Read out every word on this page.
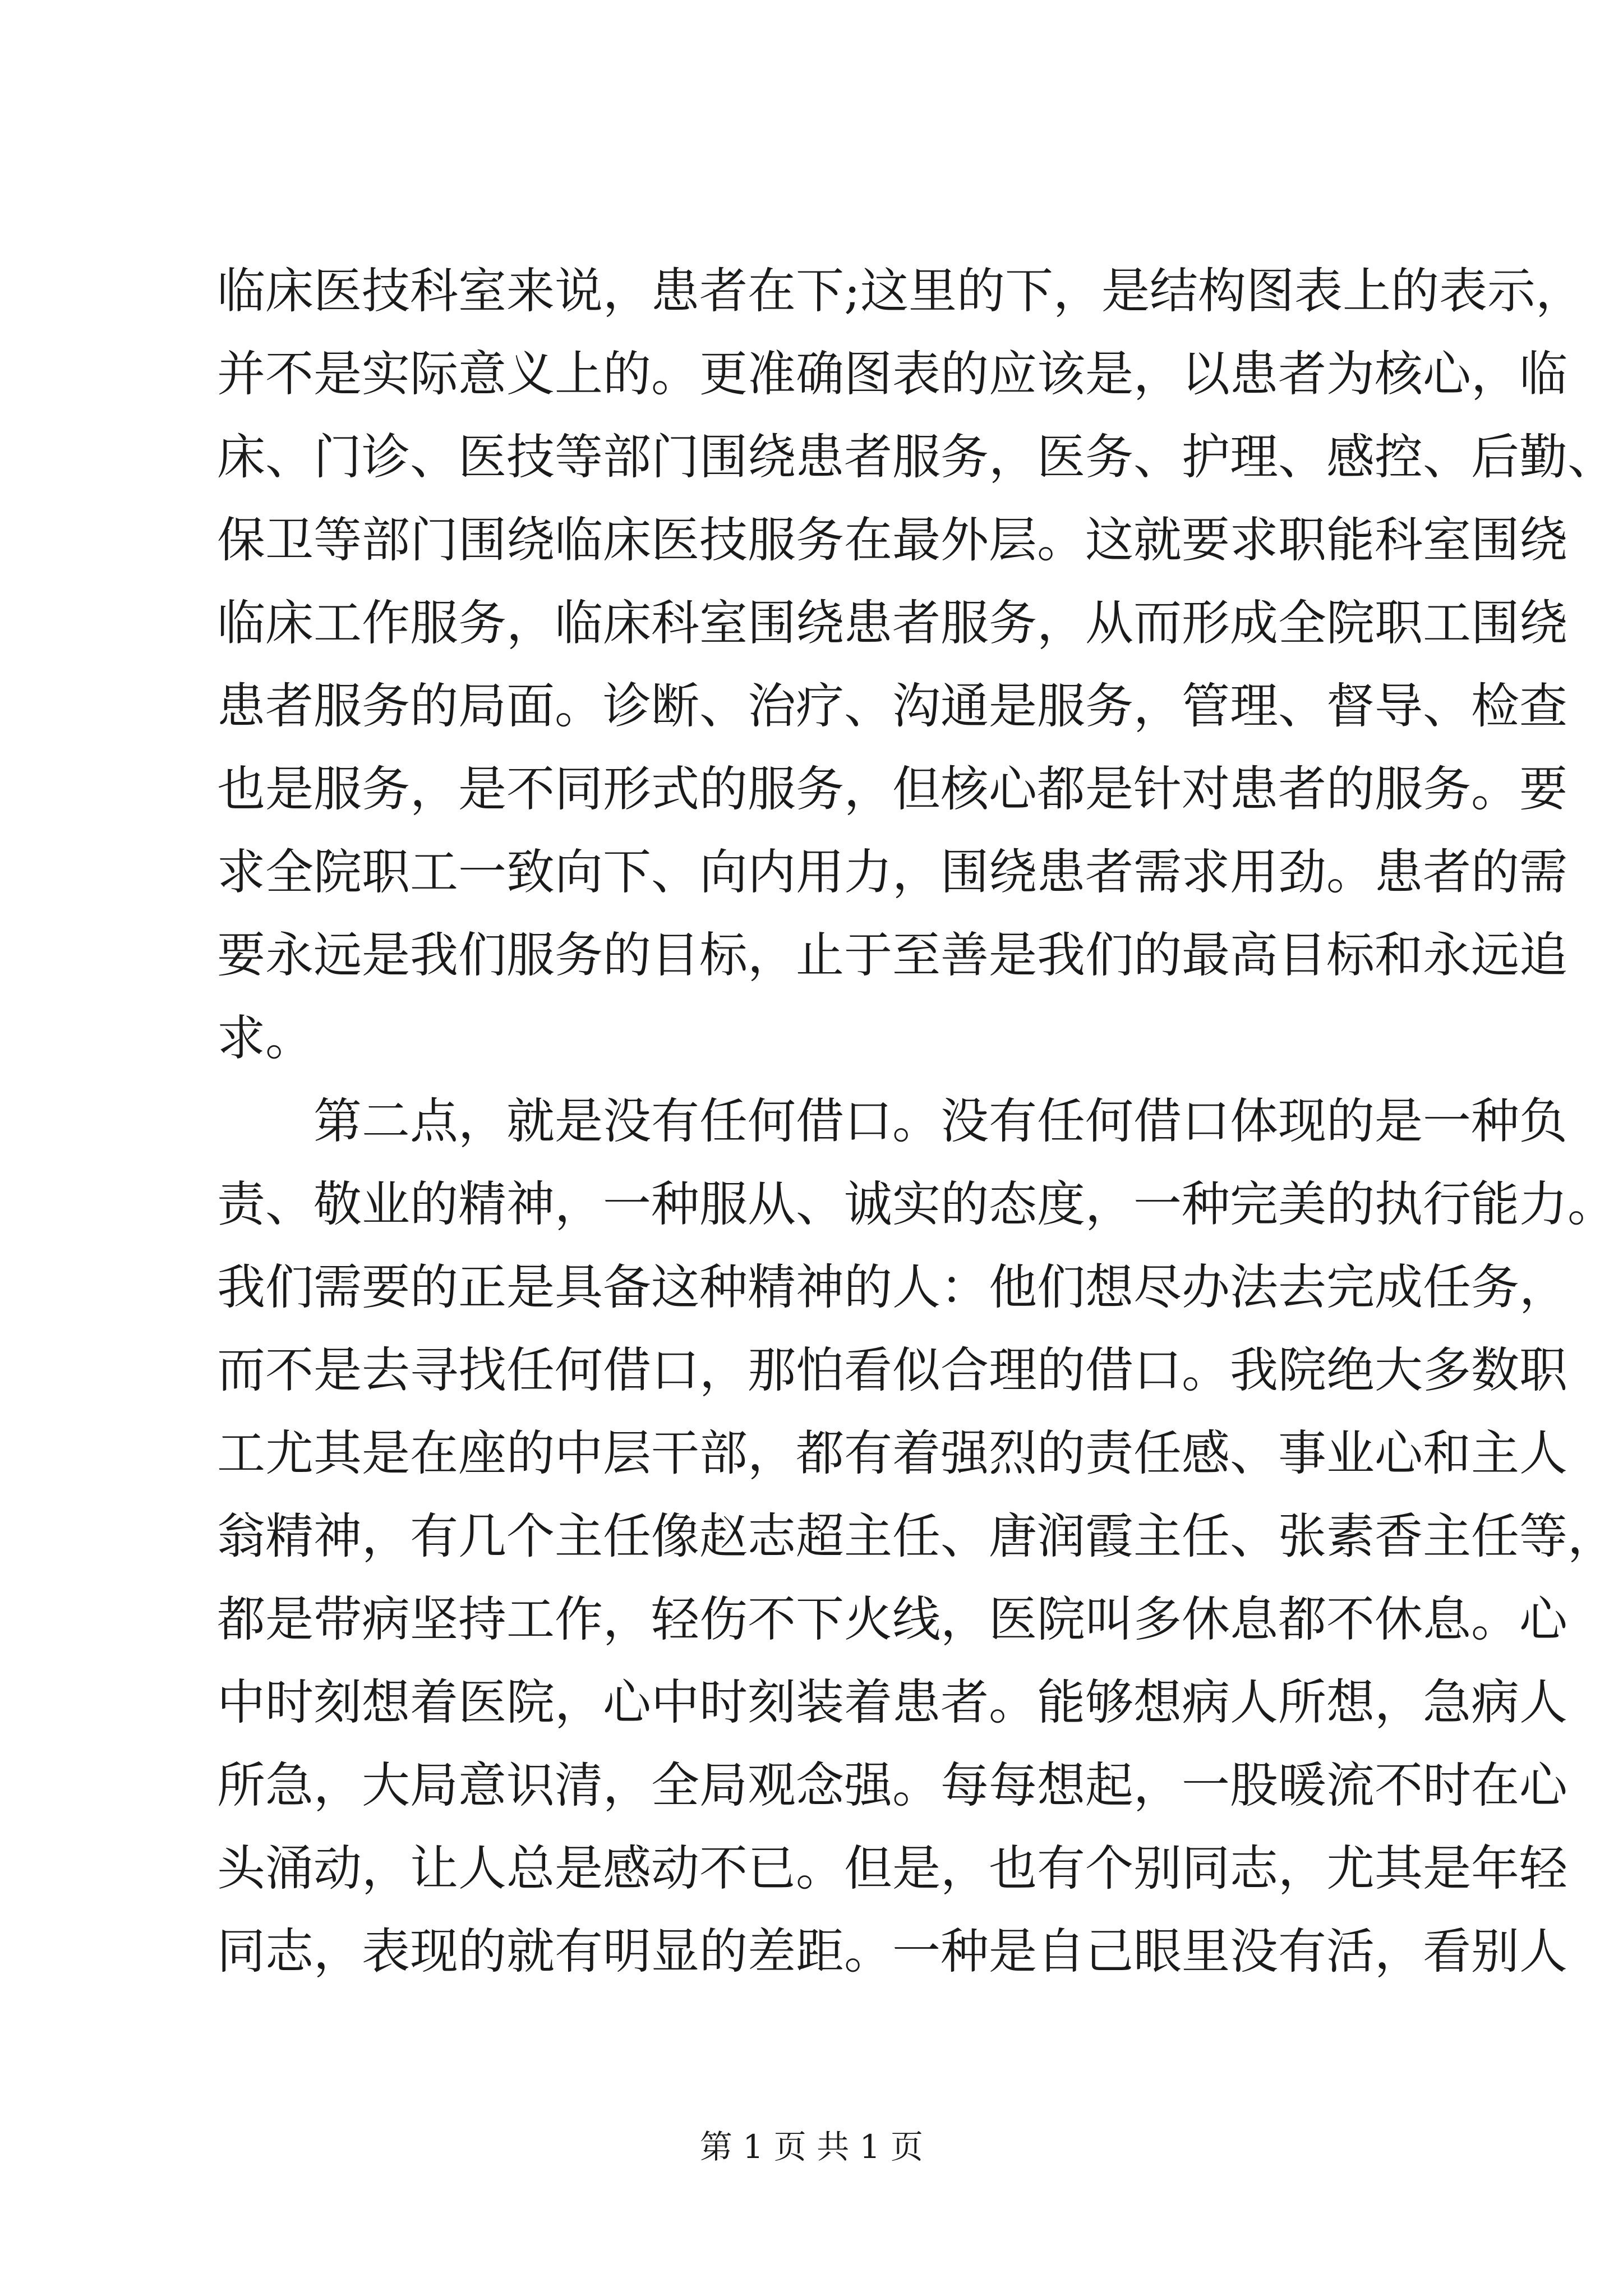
临床医技科室来说，患者在下;这里的下，是结构图表上的表示，
并不是实际意义上的。更准确图表的应该是，以患者为核心，临
床、门诊、医技等部门围绕患者服务，医务、护理、感控、后勤、
保卫等部门围绕临床医技服务在最外层。这就要求职能科室围绕
临床工作服务，临床科室围绕患者服务，从而形成全院职工围绕
患者服务的局面。诊断、治疗、沟通是服务，管理、督导、检查
也是服务，是不同形式的服务，但核心都是针对患者的服务。要
求全院职工一致向下、向内用力，围绕患者需求用劲。患者的需
要永远是我们服务的目标，止于至善是我们的最高目标和永远追
求。
第二点，就是没有任何借口。没有任何借口体现的是一种负
责、敬业的精神，一种服从、诚实的态度，一种完美的执行能力。
我们需要的正是具备这种精神的人：他们想尽办法去完成任务，
而不是去寻找任何借口，那怕看似合理的借口。我院绝大多数职
工尤其是在座的中层干部，都有着强烈的责任感、事业心和主人
翁精神，有几个主任像赵志超主任、唐润霞主任、张素香主任等，
都是带病坚持工作，轻伤不下火线，医院叫多休息都不休息。心
中时刻想着医院，心中时刻装着患者。能够想病人所想，急病人
所急，大局意识清，全局观念强。每每想起，一股暖流不时在心
头涌动，让人总是感动不已。但是，也有个别同志，尤其是年轻
同志，表现的就有明显的差距。一种是自己眼里没有活，看别人
第 1 页 共 1 页
